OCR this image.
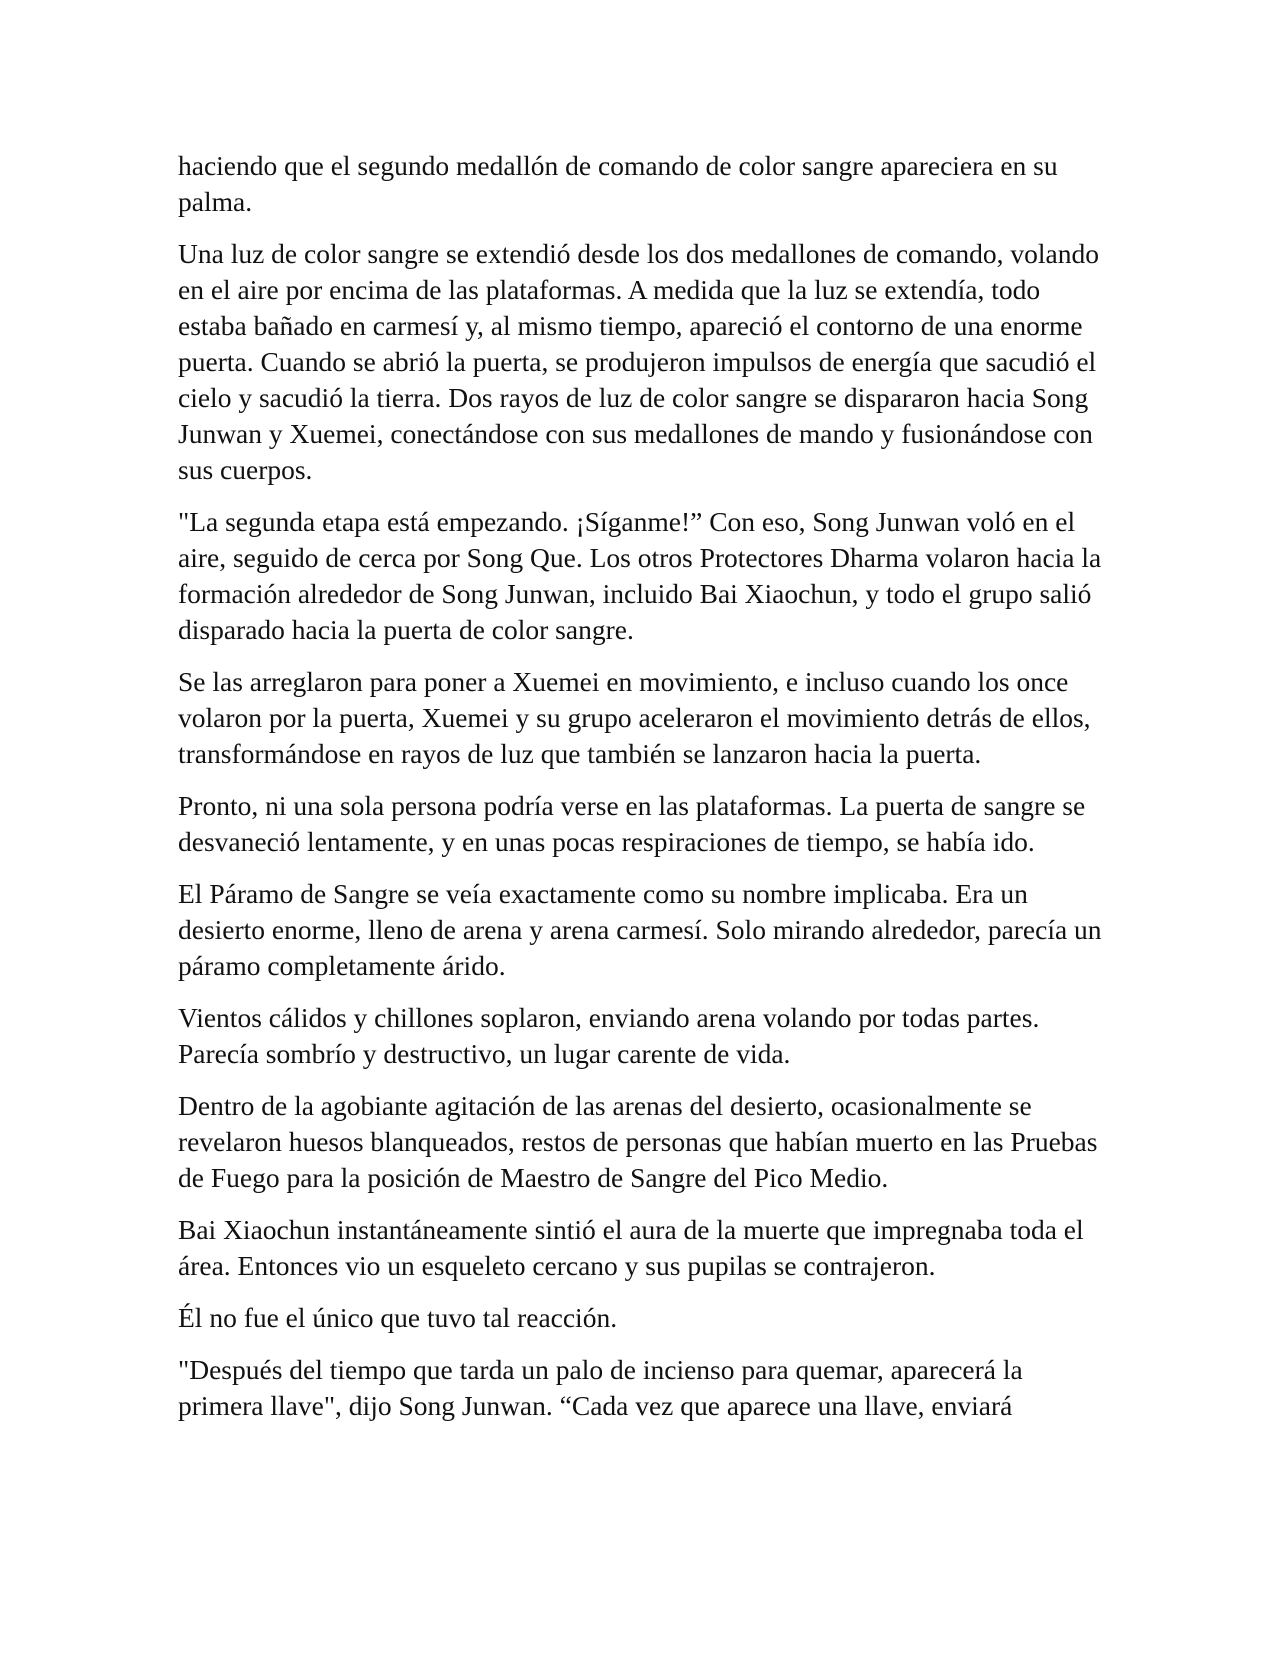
haciendo que el segundo medallón de comando de color sangre apareciera en su palma.

Una luz de color sangre se extendió desde los dos medallones de comando, volando en el aire por encima de las plataformas. A medida que la luz se extendía, todo estaba bañado en carmesí y, al mismo tiempo, apareció el contorno de una enorme puerta. Cuando se abrió la puerta, se produjeron impulsos de energía que sacudió el cielo y sacudió la tierra. Dos rayos de luz de color sangre se dispararon hacia Song Junwan y Xuemei, conectándose con sus medallones de mando y fusionándose con sus cuerpos.

"La segunda etapa está empezando. ¡Síganme!” Con eso, Song Junwan voló en el aire, seguido de cerca por Song Que. Los otros Protectores Dharma volaron hacia la formación alrededor de Song Junwan, incluido Bai Xiaochun, y todo el grupo salió disparado hacia la puerta de color sangre.

Se las arreglaron para poner a Xuemei en movimiento, e incluso cuando los once volaron por la puerta, Xuemei y su grupo aceleraron el movimiento detrás de ellos, transformándose en rayos de luz que también se lanzaron hacia la puerta.

Pronto, ni una sola persona podría verse en las plataformas. La puerta de sangre se desvaneció lentamente, y en unas pocas respiraciones de tiempo, se había ido.

El Páramo de Sangre se veía exactamente como su nombre implicaba. Era un desierto enorme, lleno de arena y arena carmesí. Solo mirando alrededor, parecía un páramo completamente árido.

Vientos cálidos y chillones soplaron, enviando arena volando por todas partes. Parecía sombrío y destructivo, un lugar carente de vida.

Dentro de la agobiante agitación de las arenas del desierto, ocasionalmente se revelaron huesos blanqueados, restos de personas que habían muerto en las Pruebas de Fuego para la posición de Maestro de Sangre del Pico Medio.

Bai Xiaochun instantáneamente sintió el aura de la muerte que impregnaba toda el área. Entonces vio un esqueleto cercano y sus pupilas se contrajeron.

Él no fue el único que tuvo tal reacción.

"Después del tiempo que tarda un palo de incienso para quemar, aparecerá la primera llave", dijo Song Junwan. “Cada vez que aparece una llave, enviará
